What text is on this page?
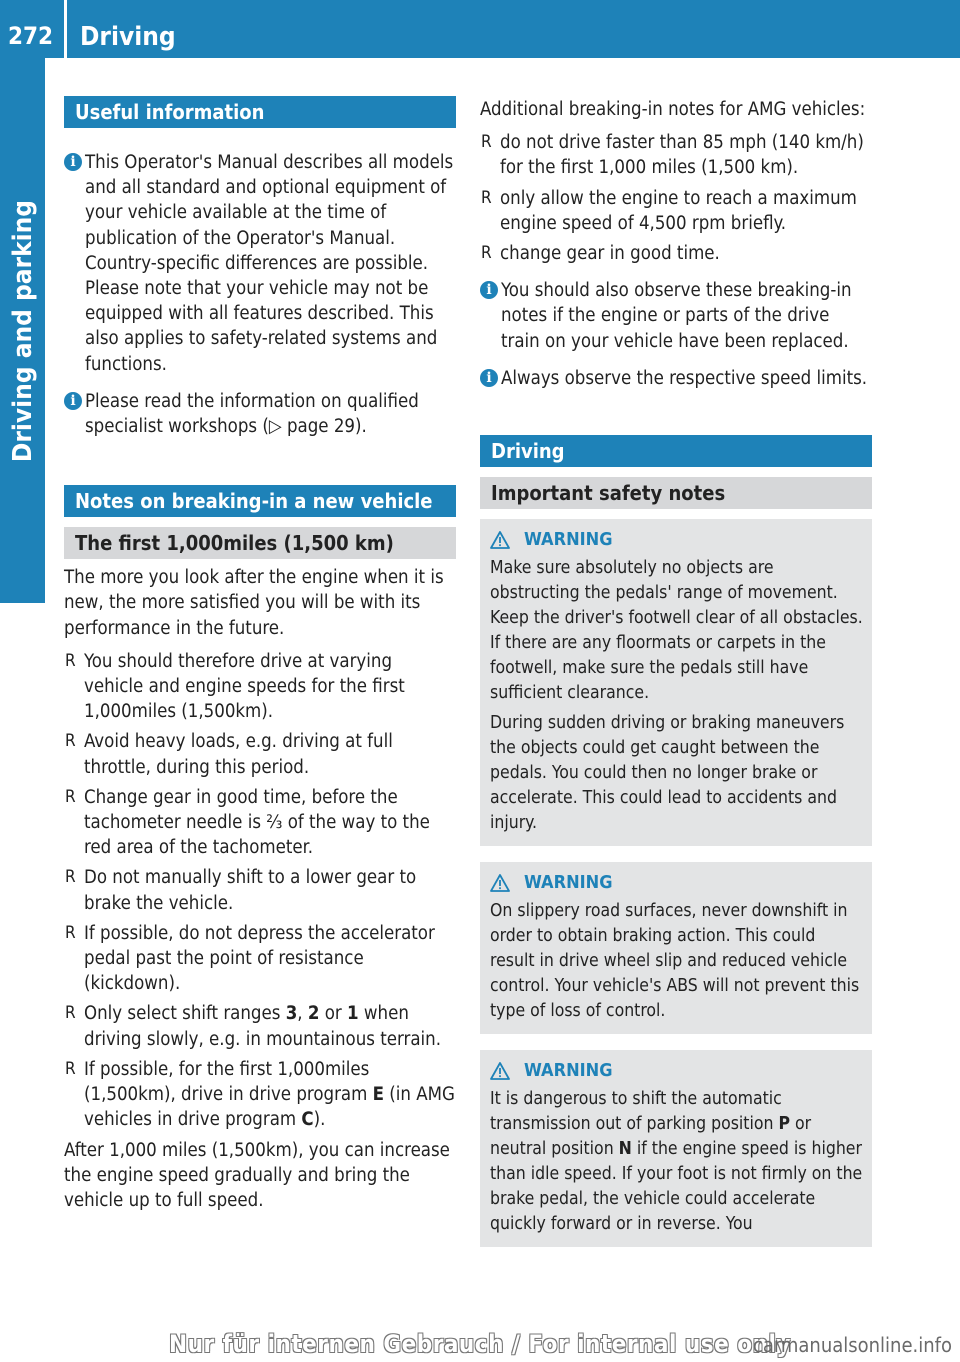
272	Driving
Driving and parking
Useful information
i This Operator's Manual describes all models and all standard and optional equipment of your vehicle available at the time of publication of the Operator's Manual. Country-specific differences are possible. Please note that your vehicle may not be equipped with all features described. This also applies to safety-related systems and functions.
i Please read the information on qualified specialist workshops (▷ page 29).
Notes on breaking-in a new vehicle
The first 1,000miles (1,500 km)

The more you look after the engine when it is new, the more satisfied you will be with its performance in the future.

R You should therefore drive at varying vehicle and engine speeds for the first 1,000miles (1,500km).
R Avoid heavy loads, e.g. driving at full throttle, during this period.
R Change gear in good time, before the tachometer needle is ⅔ of the way to the red area of the tachometer.
R Do not manually shift to a lower gear to brake the vehicle.
R If possible, do not depress the accelerator pedal past the point of resistance (kickdown).
R Only select shift ranges 3, 2 or 1 when driving slowly, e.g. in mountainous terrain.
R If possible, for the first 1,000miles (1,500km), drive in drive program E (in AMG vehicles in drive program C).

After 1,000 miles (1,500km), you can increase the engine speed gradually and bring the vehicle up to full speed.

Additional breaking-in notes for AMG vehicles:

R do not drive faster than 85 mph (140 km/h) for the first 1,000 miles (1,500 km).
R only allow the engine to reach a maximum engine speed of 4,500 rpm briefly.
R change gear in good time.
i You should also observe these breaking-in notes if the engine or parts of the drive train on your vehicle have been replaced.
i Always observe the respective speed limits.
Driving
Important safety notes
WARNING

Make sure absolutely no objects are obstructing the pedals' range of movement. Keep the driver's footwell clear of all obstacles. If there are any floormats or carpets in the footwell, make sure the pedals still have sufficient clearance.

During sudden driving or braking maneuvers the objects could get caught between the pedals. You could then no longer brake or accelerate. This could lead to accidents and injury.

WARNING

On slippery road surfaces, never downshift in order to obtain braking action. This could result in drive wheel slip and reduced vehicle control. Your vehicle's ABS will not prevent this type of loss of control.

WARNING

It is dangerous to shift the automatic transmission out of parking position P or neutral position N if the engine speed is higher than idle speed. If your foot is not firmly on the brake pedal, the vehicle could accelerate quickly forward or in reverse. You

Nur für internen Gebrauch / For internal use only
carmanualsonline.info
